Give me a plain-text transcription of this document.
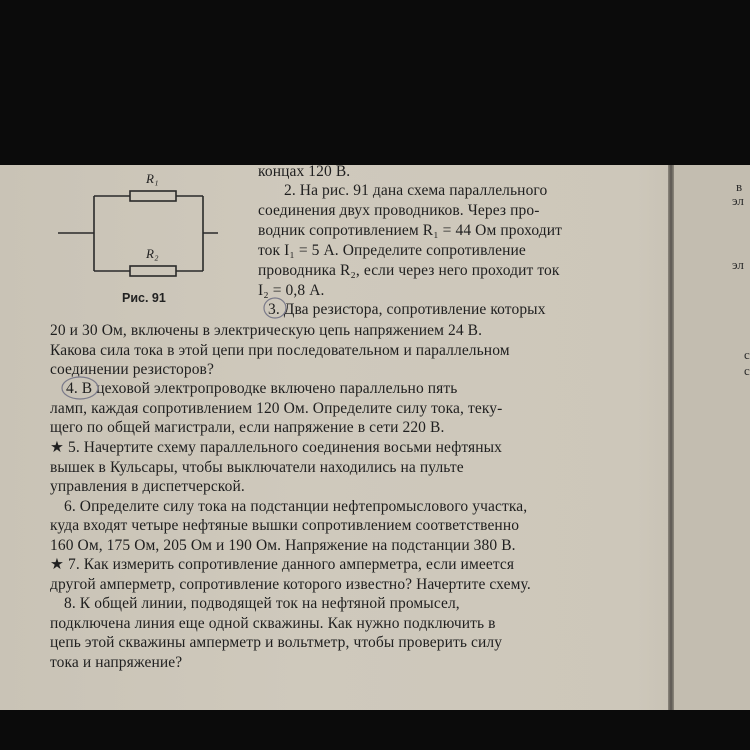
R₁
R₂
Рис. 91
концах 120 В.
2. На рис. 91 дана схема параллельного
соединения двух проводников. Через про-
водник сопротивлением R₁ = 44 Ом проходит
ток I₁ = 5 А. Определите сопротивление
проводника R₂, если через него проходит ток
I₂ = 0,8 А.
3. Два резистора, сопротивление которых
20 и 30 Ом, включены в электрическую цепь напряжением 24 В.
Какова сила тока в этой цепи при последовательном и параллельном
соединении резисторов?
4. В цеховой электропроводке включено параллельно пять
ламп, каждая сопротивлением 120 Ом. Определите силу тока, теку-
щего по общей магистрали, если напряжение в сети 220 В.
★ 5. Начертите схему параллельного соединения восьми нефтяных
вышек в Кульсары, чтобы выключатели находились на пульте
управления в диспетчерской.
6. Определите силу тока на подстанции нефтепромыслового участка,
куда входят четыре нефтяные вышки сопротивлением соответственно
160 Ом, 175 Ом, 205 Ом и 190 Ом. Напряжение на подстанции 380 В.
★ 7. Как измерить сопротивление данного амперметра, если имеется
другой амперметр, сопротивление которого известно? Начертите схему.
8. К общей линии, подводящей ток на нефтяной промысел,
подключена линия еще одной скважины. Как нужно подключить в
цепь этой скважины амперметр и вольтметр, чтобы проверить силу
тока и напряжение?
в
эл
эл
с
с
